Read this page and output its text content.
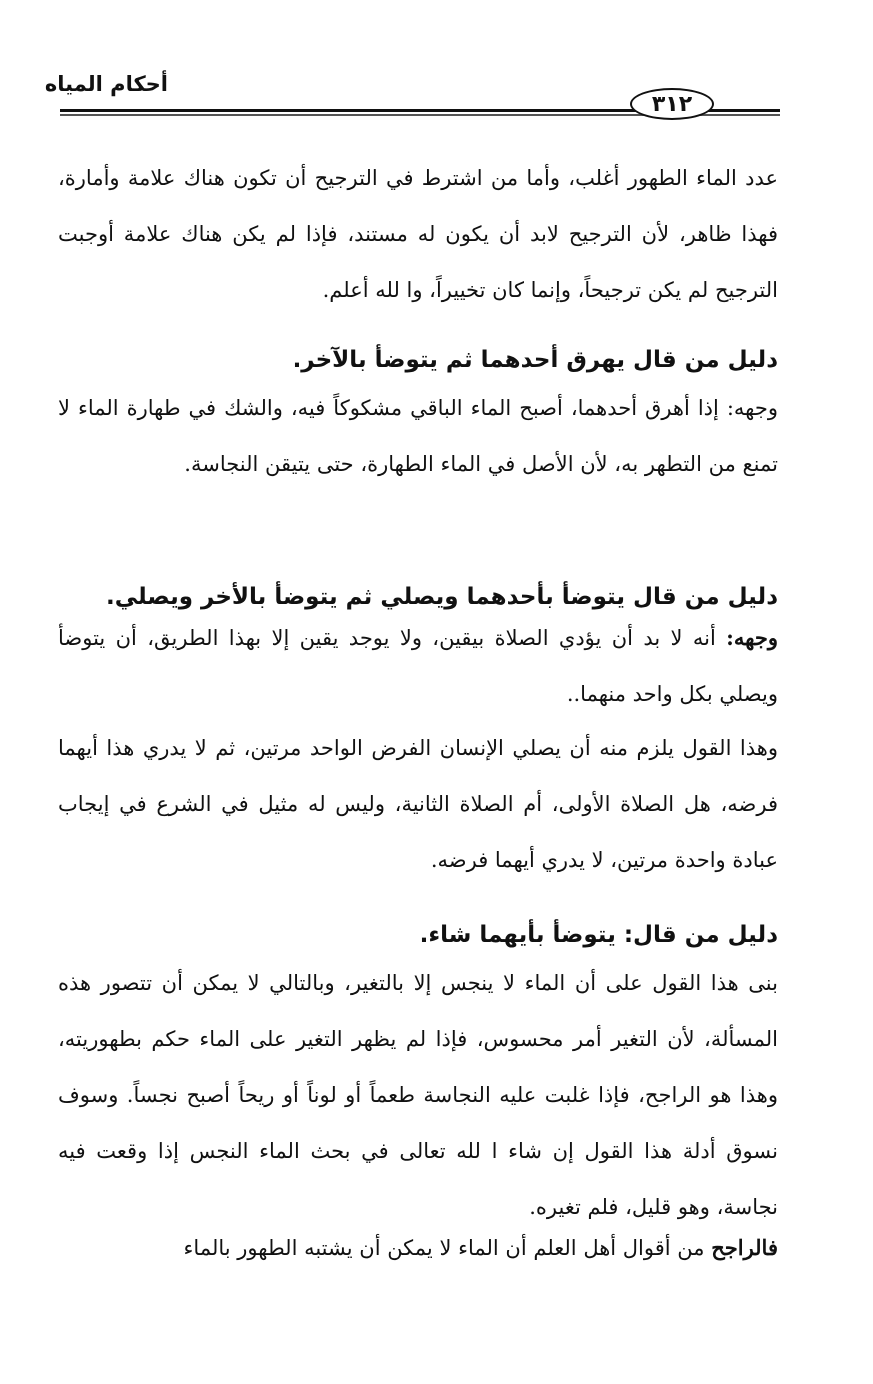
أحكام المياه
٣١٢
عدد الماء الطهور أغلب، وأما من اشترط في الترجيح أن تكون هناك علامة وأمارة، فهذا ظاهر، لأن الترجيح لابد أن يكون له مستند، فإذا لم يكن هناك علامة أوجبت الترجيح لم يكن ترجيحاً، وإنما كان تخييراً، وا لله أعلم.
دليل من قال يهرق أحدهما ثم يتوضأ بالآخر.
وجهه: إذا أهرق أحدهما، أصبح الماء الباقي مشكوكاً فيه، والشك في طهارة الماء لا تمنع من التطهر به، لأن الأصل في الماء الطهارة، حتى يتيقن النجاسة.
دليل من قال يتوضأ بأحدهما ويصلي ثم يتوضأ بالأخر ويصلي.
وجهه: أنه لا بد أن يؤدي الصلاة بيقين، ولا يوجد يقين إلا بهذا الطريق، أن يتوضأ ويصلي بكل واحد منهما..
وهذا القول يلزم منه أن يصلي الإنسان الفرض الواحد مرتين، ثم لا يدري هذا أيهما فرضه، هل الصلاة الأولى، أم الصلاة الثانية، وليس له مثيل في الشرع في إيجاب عبادة واحدة مرتين، لا يدري أيهما فرضه.
دليل من قال: يتوضأ بأيهما شاء.
بنى هذا القول على أن الماء لا ينجس إلا بالتغير، وبالتالي لا يمكن أن تتصور هذه المسألة، لأن التغير أمر محسوس، فإذا لم يظهر التغير على الماء حكم بطهوريته، وهذا هو الراجح، فإذا غلبت عليه النجاسة طعماً أو لوناً أو ريحاً أصبح نجساً. وسوف نسوق أدلة هذا القول إن شاء ا لله تعالى في بحث الماء النجس إذا وقعت فيه نجاسة، وهو قليل، فلم تغيره.
فالراجح من أقوال أهل العلم أن الماء لا يمكن أن يشتبه الطهور بالماء
